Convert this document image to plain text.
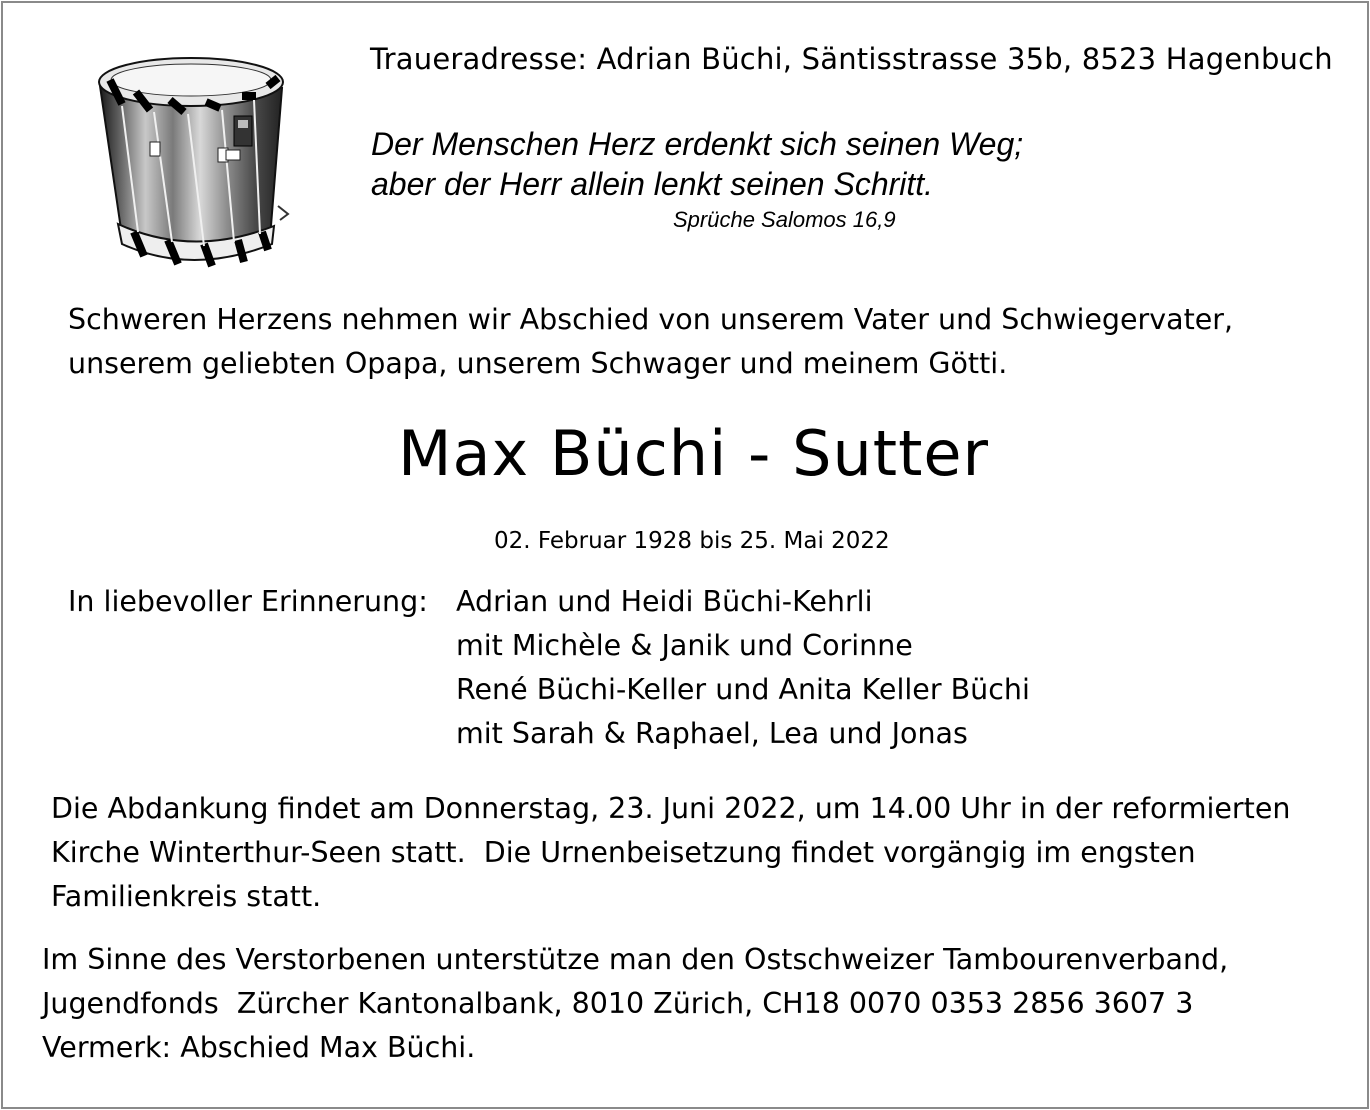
Traueradresse: Adrian Büchi, Säntisstrasse 35b, 8523 Hagenbuch
Der Menschen Herz erdenkt sich seinen Weg;
aber der Herr allein lenkt seinen Schritt.
Sprüche Salomos 16,9
Schweren Herzens nehmen wir Abschied von unserem Vater und Schwiegervater,
unserem geliebten Opapa, unserem Schwager und meinem Götti.
Max Büchi - Sutter
02. Februar 1928 bis 25. Mai 2022
In liebevoller Erinnerung: Adrian und Heidi Büchi-Kehrli
mit Michèle & Janik und Corinne
René Büchi-Keller und Anita Keller Büchi
mit Sarah & Raphael, Lea und Jonas
Die Abdankung findet am Donnerstag, 23. Juni 2022, um 14.00 Uhr in der reformierten
Kirche Winterthur-Seen statt.  Die Urnenbeisetzung findet vorgängig im engsten
Familienkreis statt.
Im Sinne des Verstorbenen unterstütze man den Ostschweizer Tambourenverband,
Jugendfonds  Zürcher Kantonalbank, 8010 Zürich, CH18 0070 0353 2856 3607 3
Vermerk: Abschied Max Büchi.
